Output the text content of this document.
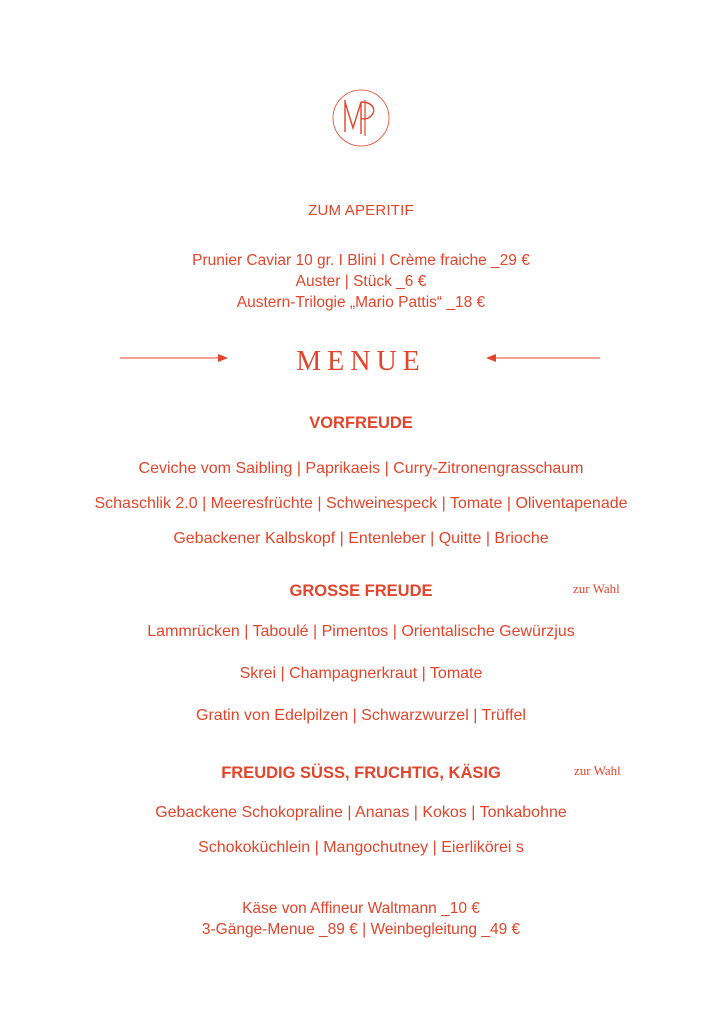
ZUM APERITIF
Prunier Caviar 10 gr. I Blini I Crème fraiche _29 €
Auster | Stück _6 €
Austern-Trilogie „Mario Pattis“ _18 €
MENUE
VORFREUDE
Ceviche vom Saibling | Paprikaeis | Curry-Zitronengrasschaum
Schaschlik 2.0 | Meeresfrüchte | Schweinespeck | Tomate | Oliventapenade
Gebackener Kalbskopf | Entenleber | Quitte | Brioche
GROSSE FREUDE	zur Wahl
Lammrücken | Taboulé | Pimentos | Orientalische Gewürzjus
Skrei | Champagnerkraut | Tomate
Gratin von Edelpilzen | Schwarzwurzel | Trüffel
FREUDIG SÜSS, FRUCHTIG, KÄSIG	zur Wahl
Gebackene Schokopraline | Ananas | Kokos | Tonkabohne
Schokoküchlein | Mangochutney | Eierlikörei s
Käse von Affineur Waltmann _10 €
3-Gänge-Menue _89 € | Weinbegleitung _49 €
